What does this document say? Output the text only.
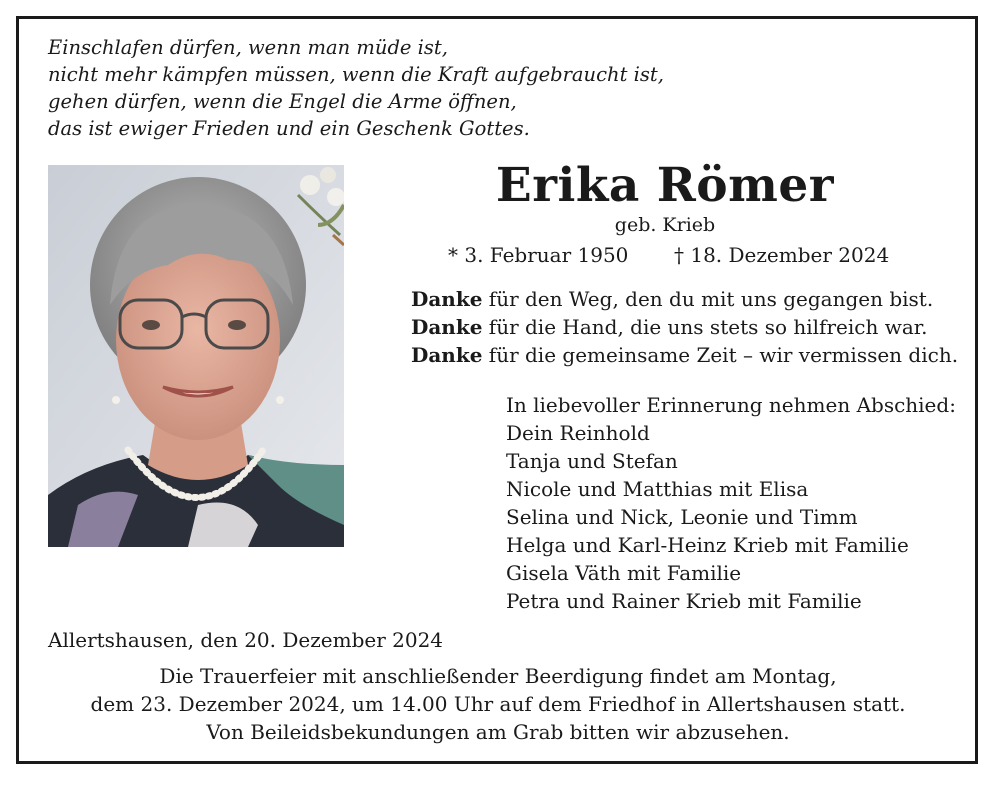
Einschlafen dürfen, wenn man müde ist,
nicht mehr kämpfen müssen, wenn die Kraft aufgebraucht ist,
gehen dürfen, wenn die Engel die Arme öffnen,
das ist ewiger Frieden und ein Geschenk Gottes.
Erika Römer
geb. Krieb
* 3. Februar 1950 † 18. Dezember 2024
Danke für den Weg, den du mit uns gegangen bist.
Danke für die Hand, die uns stets so hilfreich war.
Danke für die gemeinsame Zeit – wir vermissen dich.
In liebevoller Erinnerung nehmen Abschied:
Dein Reinhold
Tanja und Stefan
Nicole und Matthias mit Elisa
Selina und Nick, Leonie und Timm
Helga und Karl-Heinz Krieb mit Familie
Gisela Väth mit Familie
Petra und Rainer Krieb mit Familie
Allertshausen, den 20. Dezember 2024
Die Trauerfeier mit anschließender Beerdigung findet am Montag,
dem 23. Dezember 2024, um 14.00 Uhr auf dem Friedhof in Allertshausen statt.
Von Beileidsbekundungen am Grab bitten wir abzusehen.
